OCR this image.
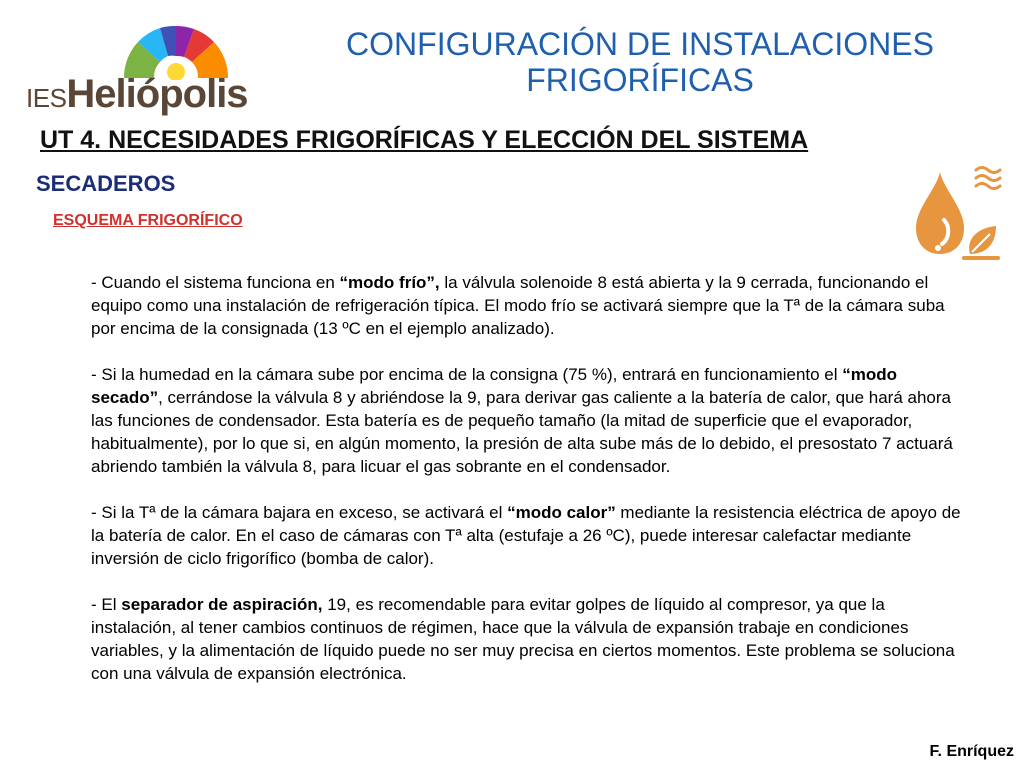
IESHeliópolis
CONFIGURACIÓN DE INSTALACIONES
FRIGORÍFICAS
UT 4. NECESIDADES FRIGORÍFICAS Y ELECCIÓN DEL SISTEMA
SECADEROS
ESQUEMA FRIGORÍFICO

- Cuando el sistema funciona en “modo frío”, la válvula solenoide 8 está abierta y la 9 cerrada, funcionando el equipo como una instalación de refrigeración típica. El modo frío se activará siempre que la Tª de la cámara suba por encima de la consignada (13 ºC en el ejemplo analizado).

- Si la humedad en la cámara sube por encima de la consigna (75 %), entrará en funcionamiento el “modo secado”, cerrándose la válvula 8 y abriéndose la 9, para derivar gas caliente a la batería de calor, que hará ahora las funciones de condensador. Esta batería es de pequeño tamaño (la mitad de superficie que el evaporador, habitualmente), por lo que si, en algún momento, la presión de alta sube más de lo debido, el presostato 7 actuará abriendo también la válvula 8, para licuar el gas sobrante en el condensador.

- Si la Tª de la cámara bajara en exceso, se activará el “modo calor” mediante la resistencia eléctrica de apoyo de la batería de calor. En el caso de cámaras con Tª alta (estufaje a 26 ºC), puede interesar calefactar mediante inversión de ciclo frigorífico (bomba de calor).

- El separador de aspiración, 19, es recomendable para evitar golpes de líquido al compresor, ya que la instalación, al tener cambios continuos de régimen, hace que la válvula de expansión trabaje en condiciones variables, y la alimentación de líquido puede no ser muy precisa en ciertos momentos. Este problema se soluciona con una válvula de expansión electrónica.

F. Enríquez
